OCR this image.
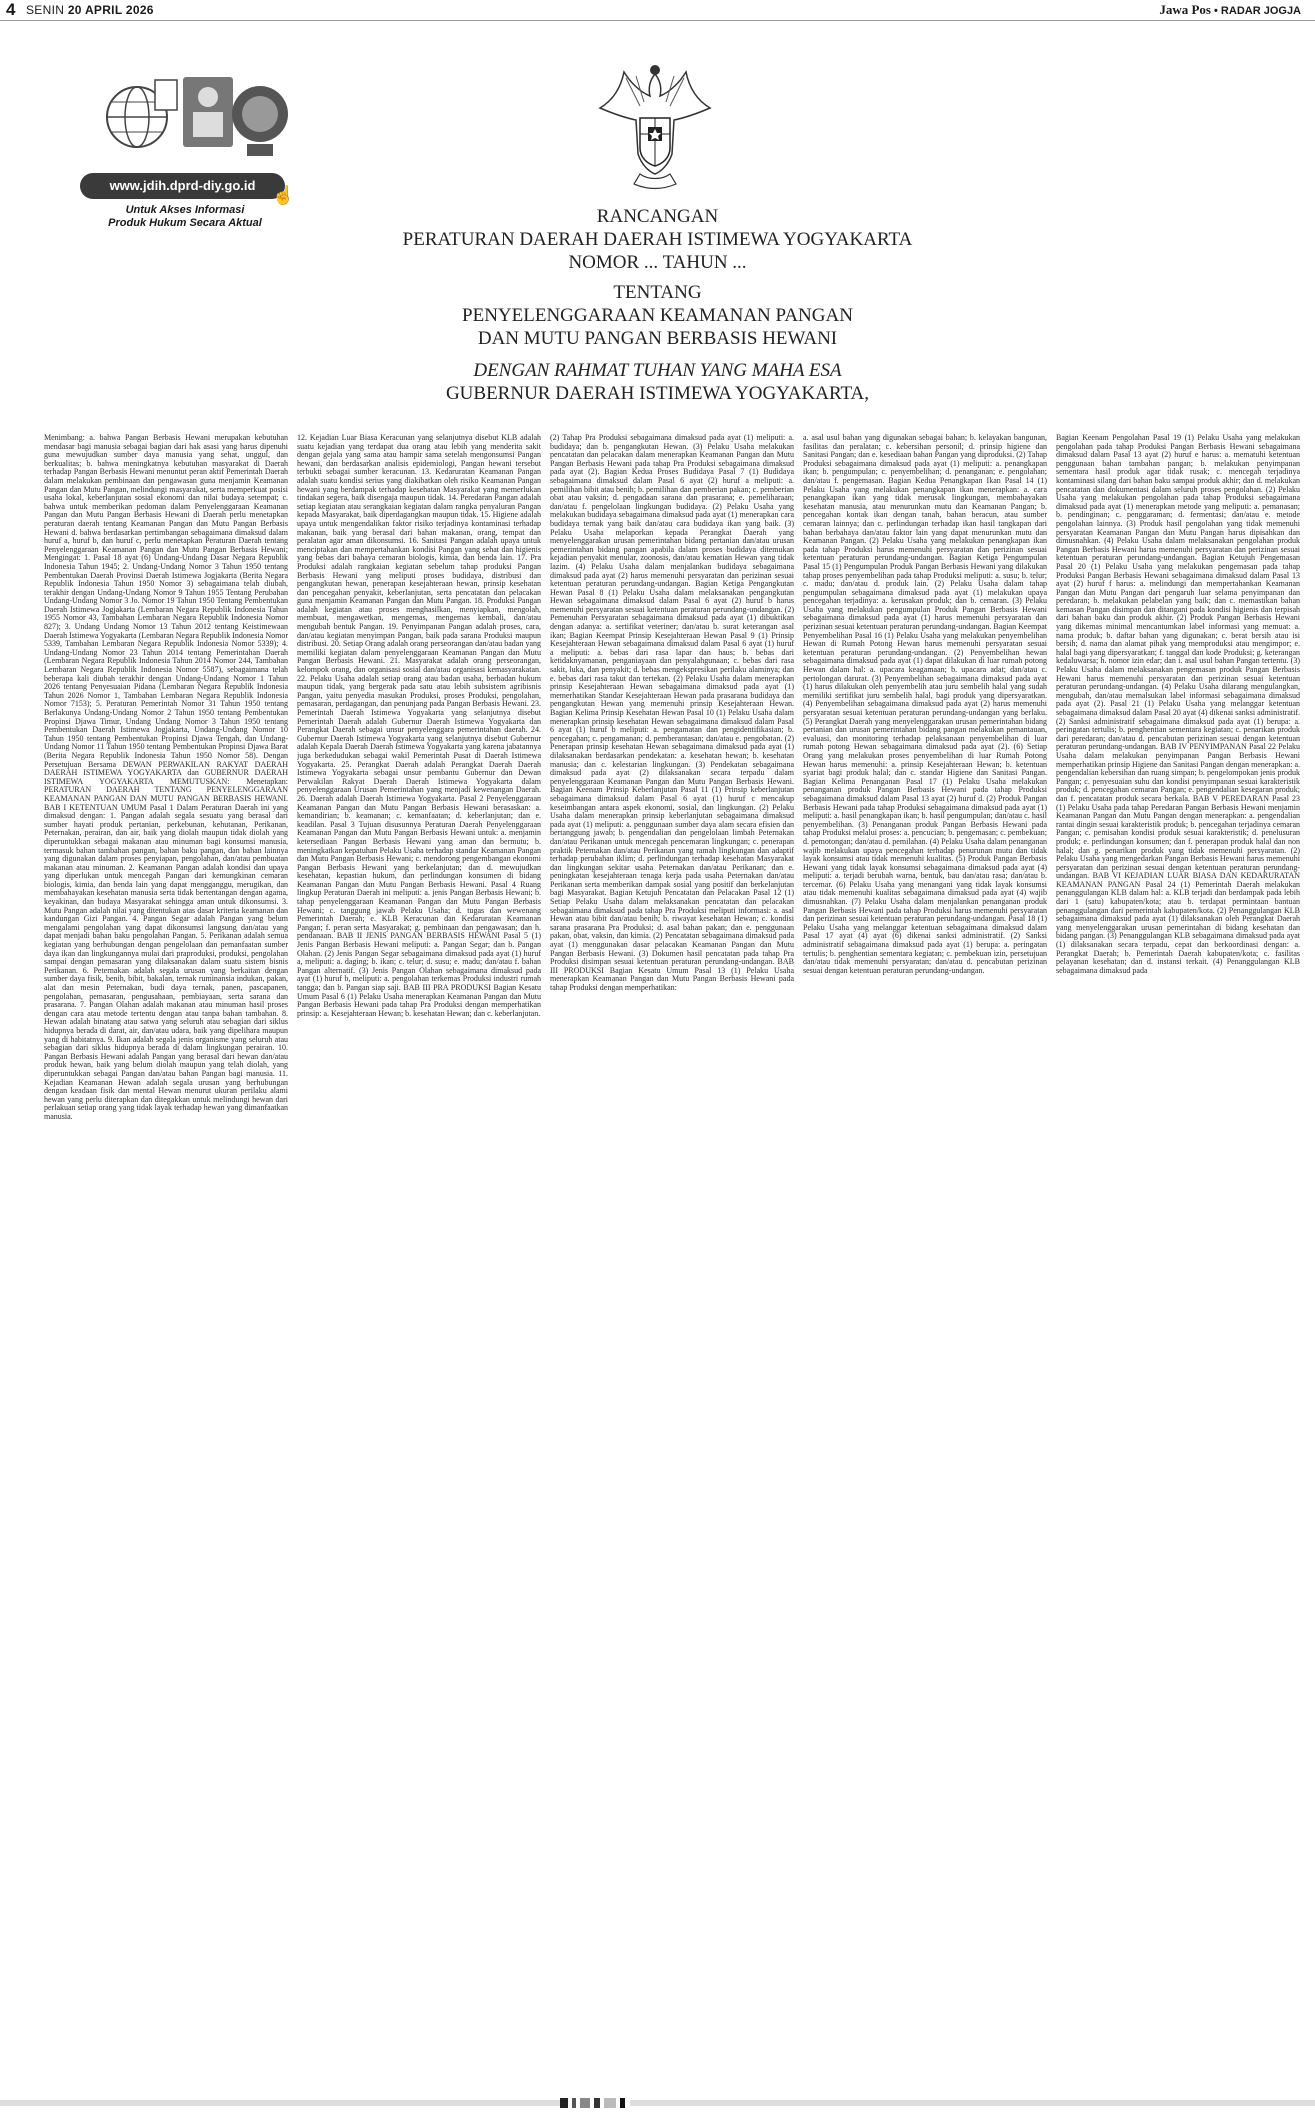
4 SENIN 20 APRIL 2026	Jawa Pos • RADAR JOGJA
www.jdih.dprd-diy.go.id ☝
Untuk Akses Informasi
Produk Hukum Secara Aktual	RANCANGAN
PERATURAN DAERAH DAERAH ISTIMEWA YOGYAKARTA
NOMOR ... TAHUN ...
TENTANG
PENYELENGGARAAN KEAMANAN PANGAN
DAN MUTU PANGAN BERBASIS HEWANI
DENGAN RAHMAT TUHAN YANG MAHA ESA
GUBERNUR DAERAH ISTIMEWA YOGYAKARTA,
Menimbang: a. bahwa Pangan Berbasis Hewani merupakan kebutuhan mendasar bagi manusia sebagai bagian dari hak asasi yang harus dipenuhi guna mewujudkan sumber daya manusia yang sehat, unggul, dan berkualitas; b. bahwa meningkatnya kebutuhan masyarakat di Daerah terhadap Pangan Berbasis Hewani menuntut peran aktif Pemerintah Daerah dalam melakukan pembinaan dan pengawasan guna menjamin Keamanan Pangan dan Mutu Pangan, melindungi masyarakat, serta memperkuat posisi usaha lokal, keberlanjutan sosial ekonomi dan nilai budaya setempat; c. bahwa untuk memberikan pedoman dalam Penyelenggaraan Keamanan Pangan dan Mutu Pangan Berbasis Hewani di Daerah perlu menetapkan peraturan daerah tentang Keamanan Pangan dan Mutu Pangan Berbasis Hewani d. bahwa berdasarkan pertimbangan sebagaimana dimaksud dalam huruf a, huruf b, dan huruf c, perlu menetapkan Peraturan Daerah tentang Penyelenggaraan Keamanan Pangan dan Mutu Pangan Berbasis Hewani; Mengingat: 1. Pasal 18 ayat (6) Undang-Undang Dasar Negara Republik Indonesia Tahun 1945; 2. Undang-Undang Nomor 3 Tahun 1950 tentang Pembentukan Daerah Provinsi Daerah Istimewa Jogjakarta (Berita Negara Republik Indonesia Tahun 1950 Nomor 3) sebagaimana telah diubah, terakhir dengan Undang-Undang Nomor 9 Tahun 1955 Tentang Perubahan Undang-Undang Nomor 3 Jo. Nomor 19 Tahun 1950 Tentang Pembentukan Daerah Istimewa Jogjakarta (Lembaran Negara Republik Indonesia Tahun 1955 Nomor 43, Tambahan Lembaran Negara Republik Indonesia Nomor 827); 3. Undang Undang Nomor 13 Tahun 2012 tentang Keistimewaan Daerah Istimewa Yogyakarta (Lembaran Negara Republik Indonesia Nomor 5339, Tambahan Lembaran Negara Republik Indonesia Nomor 5339); 4. Undang-Undang Nomor 23 Tahun 2014 tentang Pemerintahan Daerah (Lembaran Negara Republik Indonesia Tahun 2014 Nomor 244, Tambahan Lembaran Negara Republik Indonesia Nomor 5587), sebagaimana telah beberapa kali diubah terakhir dengan Undang-Undang Nomor 1 Tahun 2026 tentang Penyesuaian Pidana (Lembaran Negara Republik Indonesia Tahun 2026 Nomor 1, Tambahan Lembaran Negara Republik Indonesia Nomor 7153); 5. Peraturan Pemerintah Nomor 31 Tahun 1950 tentang Berlakunya Undang-Undang Nomor 2 Tahun 1950 tentang Pembentukan Propinsi Djawa Timur, Undang Undang Nomor 3 Tahun 1950 tentang Pembentukan Daerah Istimewa Jogjakarta, Undang-Undang Nomor 10 Tahun 1950 tentang Pembentukan Propinsi Djawa Tengah, dan Undang-Undang Nomor 11 Tahun 1950 tentang Pembentukan Propinsi Djawa Barat (Berita Negara Republik Indonesia Tahun 1950 Nomor 58). Dengan Persetujuan Bersama DEWAN PERWAKILAN RAKYAT DAERAH DAERAH ISTIMEWA YOGYAKARTA dan GUBERNUR DAERAH ISTIMEWA YOGYAKARTA MEMUTUSKAN: Menetapkan: PERATURAN DAERAH TENTANG PENYELENGGARAAN KEAMANAN PANGAN DAN MUTU PANGAN BERBASIS HEWANI. BAB I KETENTUAN UMUM Pasal 1 Dalam Peraturan Daerah ini yang dimaksud dengan: 1. Pangan adalah segala sesuatu yang berasal dari sumber hayati produk pertanian, perkebunan, kehutanan, Perikanan, Peternakan, perairan, dan air, baik yang diolah maupun tidak diolah yang diperuntukkan sebagai makanan atau minuman bagi konsumsi manusia, termasuk bahan tambahan pangan, bahan baku pangan, dan bahan lainnya yang digunakan dalam proses penyiapan, pengolahan, dan/atau pembuatan makanan atau minuman. 2. Keamanan Pangan adalah kondisi dan upaya yang diperlukan untuk mencegah Pangan dari kemungkinan cemaran biologis, kimia, dan benda lain yang dapat mengganggu, merugikan, dan membahayakan kesehatan manusia serta tidak bertentangan dengan agama, keyakinan, dan budaya Masyarakat sehingga aman untuk dikonsumsi. 3. Mutu Pangan adalah nilai yang ditentukan atas dasar kriteria keamanan dan kandungan Gizi Pangan. 4. Pangan Segar adalah Pangan yang belum mengalami pengolahan yang dapat dikonsumsi langsung dan/atau yang dapat menjadi bahan baku pengolahan Pangan. 5. Perikanan adalah semua kegiatan yang berhubungan dengan pengelolaan dan pemanfaatan sumber daya ikan dan lingkungannya mulai dari praproduksi, produksi, pengolahan sampai dengan pemasaran yang dilaksanakan dalam suatu sistem bisnis Perikanan. 6. Peternakan adalah segala urusan yang berkaitan dengan sumber daya fisik, benih, bibit, bakalan, ternak ruminansia indukan, pakan, alat dan mesin Peternakan, budi daya ternak, panen, pascapanen, pengolahan, pemasaran, pengusahaan, pembiayaan, serta sarana dan prasarana. 7. Pangan Olahan adalah makanan atau minuman hasil proses dengan cara atau metode tertentu dengan atau tanpa bahan tambahan. 8. Hewan adalah binatang atau satwa yang seluruh atau sebagian dari siklus hidupnya berada di darat, air, dan/atau udara, baik yang dipelihara maupun yang di habitatnya. 9. Ikan adalah segala jenis organisme yang seluruh atau sebagian dari siklus hidupnya berada di dalam lingkungan perairan. 10. Pangan Berbasis Hewani adalah Pangan yang berasal dari hewan dan/atau produk hewan, baik yang belum diolah maupun yang telah diolah, yang diperuntukkan sebagai Pangan dan/atau bahan Pangan bagi manusia. 11. Kejadian Keamanan Hewan adalah segala urusan yang berhubungan dengan keadaan fisik dan mental Hewan menurut ukuran perilaku alami hewan yang perlu diterapkan dan ditegakkan untuk melindungi hewan dari perlakuan setiap orang yang tidak layak terhadap hewan yang dimanfaatkan manusia.
12. Kejadian Luar Biasa Keracunan yang selanjutnya disebut KLB adalah suatu kejadian yang terdapat dua orang atau lebih yang menderita sakit dengan gejala yang sama atau hampir sama setelah mengonsumsi Pangan hewani, dan berdasarkan analisis epidemiologi, Pangan hewani tersebut terbukti sebagai sumber keracunan. 13. Kedaruratan Keamanan Pangan adalah suatu kondisi serius yang diakibatkan oleh risiko Keamanan Pangan hewani yang berdampak terhadap kesehatan Masyarakat yang memerlukan tindakan segera, baik disengaja maupun tidak. 14. Peredaran Pangan adalah setiap kegiatan atau serangkaian kegiatan dalam rangka penyaluran Pangan kepada Masyarakat, baik diperdagangkan maupun tidak. 15. Higiene adalah upaya untuk mengendalikan faktor risiko terjadinya kontaminasi terhadap makanan, baik yang berasal dari bahan makanan, orang, tempat dan peralatan agar aman dikonsumsi. 16. Sanitasi Pangan adalah upaya untuk menciptakan dan mempertahankan kondisi Pangan yang sehat dan higienis yang bebas dari bahaya cemaran biologis, kimia, dan benda lain. 17. Pra Produksi adalah rangkaian kegiatan sebelum tahap produksi Pangan Berbasis Hewani yang meliputi proses budidaya, distribusi dan pengangkutan hewan, penerapan kesejahteraan hewan, prinsip kesehatan dan pencegahan penyakit, keberlanjutan, serta pencatatan dan pelacakan guna menjamin Keamanan Pangan dan Mutu Pangan. 18. Produksi Pangan adalah kegiatan atau proses menghasilkan, menyiapkan, mengolah, membuat, mengawetkan, mengemas, mengemas kembali, dan/atau mengubah bentuk Pangan. 19. Penyimpanan Pangan adalah proses, cara, dan/atau kegiatan menyimpan Pangan, baik pada sarana Produksi maupun distribusi. 20. Setiap Orang adalah orang perseorangan dan/atau badan yang memiliki kegiatan dalam penyelenggaraan Keamanan Pangan dan Mutu Pangan Berbasis Hewani. 21. Masyarakat adalah orang perseorangan, kelompok orang, dan organisasi sosial dan/atau organisasi kemasyarakatan. 22. Pelaku Usaha adalah setiap orang atau badan usaha, berbadan hukum maupun tidak, yang bergerak pada satu atau lebih subsistem agribisnis Pangan, yaitu penyedia masukan Produksi, proses Produksi, pengolahan, pemasaran, perdagangan, dan penunjang pada Pangan Berbasis Hewani. 23. Pemerintah Daerah Istimewa Yogyakarta yang selanjutnya disebut Pemerintah Daerah adalah Gubernur Daerah Istimewa Yogyakarta dan Perangkat Daerah sebagai unsur penyelenggara pemerintahan daerah. 24. Gubernur Daerah Istimewa Yogyakarta yang selanjutnya disebut Gubernur adalah Kepala Daerah Daerah Istimewa Yogyakarta yang karena jabatannya juga berkedudukan sebagai wakil Pemerintah Pusat di Daerah Istimewa Yogyakarta. 25. Perangkat Daerah adalah Perangkat Daerah Daerah Istimewa Yogyakarta sebagai unsur pembantu Gubernur dan Dewan Perwakilan Rakyat Daerah Daerah Istimewa Yogyakarta dalam penyelenggaraan Urusan Pemerintahan yang menjadi kewenangan Daerah. 26. Daerah adalah Daerah Istimewa Yogyakarta. Pasal 2 Penyelenggaraan Keamanan Pangan dan Mutu Pangan Berbasis Hewani berasaskan: a. kemandirian; b. keamanan; c. kemanfaatan; d. keberlanjutan; dan e. keadilan. Pasal 3 Tujuan disusunnya Peraturan Daerah Penyelenggaraan Keamanan Pangan dan Mutu Pangan Berbasis Hewani untuk: a. menjamin ketersediaan Pangan Berbasis Hewani yang aman dan bermutu; b. meningkatkan kepatuhan Pelaku Usaha terhadap standar Keamanan Pangan dan Mutu Pangan Berbasis Hewani; c. mendorong pengembangan ekonomi Pangan Berbasis Hewani yang berkelanjutan; dan d. mewujudkan kesehatan, kepastian hukum, dan perlindungan konsumen di bidang Keamanan Pangan dan Mutu Pangan Berbasis Hewani. Pasal 4 Ruang lingkup Peraturan Daerah ini meliputi: a. jenis Pangan Berbasis Hewani; b. tahap penyelenggaraan Keamanan Pangan dan Mutu Pangan Berbasis Hewani; c. tanggung jawab Pelaku Usaha; d. tugas dan wewenang Pemerintah Daerah; e. KLB Keracunan dan Kedaruratan Keamanan Pangan; f. peran serta Masyarakat; g. pembinaan dan pengawasan; dan h. pendanaan. BAB II JENIS PANGAN BERBASIS HEWANI Pasal 5 (1) Jenis Pangan Berbasis Hewani meliputi: a. Pangan Segar; dan b. Pangan Olahan. (2) Jenis Pangan Segar sebagaimana dimaksud pada ayat (1) huruf a, meliputi: a. daging; b. ikan; c. telur; d. susu; e. madu; dan/atau f. bahan Pangan alternatif. (3) Jenis Pangan Olahan sebagaimana dimaksud pada ayat (1) huruf b, meliputi: a. pengolahan terkemas Produksi industri rumah tangga; dan b. Pangan siap saji. BAB III PRA PRODUKSI Bagian Kesatu Umum Pasal 6 (1) Pelaku Usaha menerapkan Keamanan Pangan dan Mutu Pangan Berbasis Hewani pada tahap Pra Produksi dengan memperhatikan prinsip: a. Kesejahteraan Hewan; b. kesehatan Hewan; dan c. keberlanjutan.
(2) Tahap Pra Produksi sebagaimana dimaksud pada ayat (1) meliputi: a. budidaya; dan b. pengangkutan Hewan. (3) Pelaku Usaha melakukan pencatatan dan pelacakan dalam menerapkan Keamanan Pangan dan Mutu Pangan Berbasis Hewani pada tahap Pra Produksi sebagaimana dimaksud pada ayat (2). Bagian Kedua Proses Budidaya Pasal 7 (1) Budidaya sebagaimana dimaksud dalam Pasal 6 ayat (2) huruf a meliputi: a. pemilihan bibit atau benih; b. pemilihan dan pemberian pakan; c. pemberian obat atau vaksin; d. pengadaan sarana dan prasarana; e. pemeliharaan; dan/atau f. pengelolaan lingkungan budidaya. (2) Pelaku Usaha yang melakukan budidaya sebagaimana dimaksud pada ayat (1) menerapkan cara budidaya ternak yang baik dan/atau cara budidaya ikan yang baik. (3) Pelaku Usaha melaporkan kepada Perangkat Daerah yang menyelenggarakan urusan pemerintahan bidang pertanian dan/atau urusan pemerintahan bidang pangan apabila dalam proses budidaya ditemukan kejadian penyakit menular, zoonosis, dan/atau kematian Hewan yang tidak lazim. (4) Pelaku Usaha dalam menjalankan budidaya sebagaimana dimaksud pada ayat (2) harus memenuhi persyaratan dan perizinan sesuai ketentuan peraturan perundang-undangan. Bagian Ketiga Pengangkutan Hewan Pasal 8 (1) Pelaku Usaha dalam melaksanakan pengangkutan Hewan sebagaimana dimaksud dalam Pasal 6 ayat (2) huruf b harus memenuhi persyaratan sesuai ketentuan peraturan perundang-undangan. (2) Pemenuhan Persyaratan sebagaimana dimaksud pada ayat (1) dibuktikan dengan adanya: a. sertifikat veteriner; dan/atau b. surat keterangan asal ikan; Bagian Keempat Prinsip Kesejahteraan Hewan Pasal 9 (1) Prinsip Kesejahteraan Hewan sebagaimana dimaksud dalam Pasal 6 ayat (1) huruf a meliputi: a. bebas dari rasa lapar dan haus; b. bebas dari ketidaknyamanan, penganiayaan dan penyalahgunaan; c. bebas dari rasa sakit, luka, dan penyakit; d. bebas mengekspresikan perilaku alaminya; dan e. bebas dari rasa takut dan tertekan. (2) Pelaku Usaha dalam menerapkan prinsip Kesejahteraan Hewan sebagaimana dimaksud pada ayat (1) memerhatikan Standar Kesejahteraan Hewan pada prasarana budidaya dan pengangkutan Hewan yang memenuhi prinsip Kesejahteraan Hewan. Bagian Kelima Prinsip Kesehatan Hewan Pasal 10 (1) Pelaku Usaha dalam menerapkan prinsip kesehatan Hewan sebagaimana dimaksud dalam Pasal 6 ayat (1) huruf b meliputi: a. pengamatan dan pengidentifikasian; b. pencegahan; c. pengamanan; d. pemberantasan; dan/atau e. pengobatan. (2) Penerapan prinsip kesehatan Hewan sebagaimana dimaksud pada ayat (1) dilaksanakan berdasarkan pendekatan: a. kesehatan hewan; b. kesehatan manusia; dan c. kelestarian lingkungan. (3) Pendekatan sebagaimana dimaksud pada ayat (2) dilaksanakan secara terpadu dalam penyelenggaraan Keamanan Pangan dan Mutu Pangan Berbasis Hewani. Bagian Keenam Prinsip Keberlanjutan Pasal 11 (1) Prinsip keberlanjutan sebagaimana dimaksud dalam Pasal 6 ayat (1) huruf c mencakup keseimbangan antara aspek ekonomi, sosial, dan lingkungan. (2) Pelaku Usaha dalam menerapkan prinsip keberlanjutan sebagaimana dimaksud pada ayat (1) meliputi: a. penggunaan sumber daya alam secara efisien dan bertanggung jawab; b. pengendalian dan pengelolaan limbah Peternakan dan/atau Perikanan untuk mencegah pencemaran lingkungan; c. penerapan praktik Peternakan dan/atau Perikanan yang ramah lingkungan dan adaptif terhadap perubahan iklim; d. perlindungan terhadap kesehatan Masyarakat dan lingkungan sekitar usaha Peternakan dan/atau Perikanan; dan e. peningkatan kesejahteraan tenaga kerja pada usaha Peternakan dan/atau Perikanan serta memberikan dampak sosial yang positif dan berkelanjutan bagi Masyarakat. Bagian Ketujuh Pencatatan dan Pelacakan Pasal 12 (1) Setiap Pelaku Usaha dalam melaksanakan pencatatan dan pelacakan sebagaimana dimaksud pada tahap Pra Produksi meliputi informasi: a. asal Hewan atau bibit dan/atau benih; b. riwayat kesehatan Hewan; c. kondisi sarana prasarana Pra Produksi; d. asal bahan pakan; dan e. penggunaan pakan, obat, vaksin, dan kimia. (2) Pencatatan sebagaimana dimaksud pada ayat (1) menggunakan dasar pelacakan Keamanan Pangan dan Mutu Pangan Berbasis Hewani. (3) Dokumen hasil pencatatan pada tahap Pra Produksi disimpan sesuai ketentuan peraturan perundang-undangan. BAB III PRODUKSI Bagian Kesatu Umum Pasal 13 (1) Pelaku Usaha menerapkan Keamanan Pangan dan Mutu Pangan Berbasis Hewani pada tahap Produksi dengan memperhatikan:
a. asal usul bahan yang digunakan sebagai bahan; b. kelayakan bangunan, fasilitas dan peralatan; c. kebersihan personil; d. prinsip higiene dan Sanitasi Pangan; dan e. kesediaan bahan Pangan yang diproduksi. (2) Tahap Produksi sebagaimana dimaksud pada ayat (1) meliputi: a. penangkapan ikan; b. pengumpulan; c. penyembelihan; d. penanganan; e. pengolahan; dan/atau f. pengemasan. Bagian Kedua Penangkapan Ikan Pasal 14 (1) Pelaku Usaha yang melakukan penangkapan ikan menerapkan: a. cara penangkapan ikan yang tidak merusak lingkungan, membahayakan kesehatan manusia, atau menurunkan mutu dan Keamanan Pangan; b. pencegahan kontak ikan dengan tanah, bahan beracun, atau sumber cemaran lainnya; dan c. perlindungan terhadap ikan hasil tangkapan dari bahan berbahaya dan/atau faktor lain yang dapat menurunkan mutu dan Keamanan Pangan. (2) Pelaku Usaha yang melakukan penangkapan ikan pada tahap Produksi harus memenuhi persyaratan dan perizinan sesuai ketentuan peraturan perundang-undangan. Bagian Ketiga Pengumpulan Pasal 15 (1) Pengumpulan Produk Pangan Berbasis Hewani yang dilakukan tahap proses penyembelihan pada tahap Produksi meliputi: a. susu; b. telur; c. madu; dan/atau d. produk lain. (2) Pelaku Usaha dalam tahap pengumpulan sebagaimana dimaksud pada ayat (1) melakukan upaya pencegahan terjadinya: a. kerusakan produk; dan b. cemaran. (3) Pelaku Usaha yang melakukan pengumpulan Produk Pangan Berbasis Hewani sebagaimana dimaksud pada ayat (1) harus memenuhi persyaratan dan perizinan sesuai ketentuan peraturan perundang-undangan. Bagian Keempat Penyembelihan Pasal 16 (1) Pelaku Usaha yang melakukan penyembelihan Hewan di Rumah Potong Hewan harus memenuhi persyaratan sesuai ketentuan peraturan perundang-undangan. (2) Penyembelihan hewan sebagaimana dimaksud pada ayat (1) dapat dilakukan di luar rumah potong Hewan dalam hal: a. upacara keagamaan; b. upacara adat; dan/atau c. pertolongan darurat. (3) Penyembelihan sebagaimana dimaksud pada ayat (1) harus dilakukan oleh penyembelih atau juru sembelih halal yang sudah memiliki sertifikat juru sembelih halal, bagi produk yang dipersyaratkan. (4) Penyembelihan sebagaimana dimaksud pada ayat (2) harus memenuhi persyaratan sesuai ketentuan peraturan perundang-undangan yang berlaku. (5) Perangkat Daerah yang menyelenggarakan urusan pemerintahan bidang pertanian dan urusan pemerintahan bidang pangan melakukan pemantauan, evaluasi, dan monitoring terhadap pelaksanaan penyembelihan di luar rumah potong Hewan sebagaimana dimaksud pada ayat (2). (6) Setiap Orang yang melakukan proses penyembelihan di luar Rumah Potong Hewan harus memenuhi: a. prinsip Kesejahteraan Hewan; b. ketentuan syariat bagi produk halal; dan c. standar Higiene dan Sanitasi Pangan. Bagian Kelima Penanganan Pasal 17 (1) Pelaku Usaha melakukan penanganan produk Pangan Berbasis Hewani pada tahap Produksi sebagaimana dimaksud dalam Pasal 13 ayat (2) huruf d. (2) Produk Pangan Berbasis Hewani pada tahap Produksi sebagaimana dimaksud pada ayat (1) meliputi: a. hasil penangkapan ikan; b. hasil pengumpulan; dan/atau c. hasil penyembelihan. (3) Penanganan produk Pangan Berbasis Hewani pada tahap Produksi melalui proses: a. pencucian; b. pengemasan; c. pembekuan; d. pemotongan; dan/atau d. pemilahan. (4) Pelaku Usaha dalam penanganan wajib melakukan upaya pencegahan terhadap penurunan mutu dan tidak layak konsumsi atau tidak memenuhi kualitas. (5) Produk Pangan Berbasis Hewani yang tidak layak konsumsi sebagaimana dimaksud pada ayat (4) meliputi: a. terjadi berubah warna, bentuk, bau dan/atau rasa; dan/atau b. tercemar. (6) Pelaku Usaha yang menangani yang tidak layak konsumsi atau tidak memenuhi kualitas sebagaimana dimaksud pada ayat (4) wajib dimusnahkan. (7) Pelaku Usaha dalam menjalankan penanganan produk Pangan Berbasis Hewani pada tahap Produksi harus memenuhi persyaratan dan perizinan sesuai ketentuan peraturan perundang-undangan. Pasal 18 (1) Pelaku Usaha yang melanggar ketentuan sebagaimana dimaksud dalam Pasal 17 ayat (4) ayat (6) dikenai sanksi administratif. (2) Sanksi administratif sebagaimana dimaksud pada ayat (1) berupa: a. peringatan tertulis; b. penghentian sementara kegiatan; c. pembekuan izin, persetujuan dan/atau tidak memenuhi persyaratan; dan/atau d. pencabutan perizinan sesuai dengan ketentuan peraturan perundang-undangan.
Bagian Keenam Pengolahan Pasal 19 (1) Pelaku Usaha yang melakukan pengolahan pada tahap Produksi Pangan Berbasis Hewani sebagaimana dimaksud dalam Pasal 13 ayat (2) huruf e harus: a. mematuhi ketentuan penggunaan bahan tambahan pangan; b. melakukan penyimpanan sementara hasil produk agar tidak rusak; c. mencegah terjadinya kontaminasi silang dari bahan baku sampai produk akhir; dan d. melakukan pencatatan dan dokumentasi dalam seluruh proses pengolahan. (2) Pelaku Usaha yang melakukan pengolahan pada tahap Produksi sebagaimana dimaksud pada ayat (1) menerapkan metode yang meliputi: a. pemanasan; b. pendinginan; c. penggaraman; d. fermentasi; dan/atau e. metode pengolahan lainnya. (3) Produk hasil pengolahan yang tidak memenuhi persyaratan Keamanan Pangan dan Mutu Pangan harus dipisahkan dan dimusnahkan. (4) Pelaku Usaha dalam melaksanakan pengolahan produk Pangan Berbasis Hewani harus memenuhi persyaratan dan perizinan sesuai ketentuan peraturan perundang-undangan. Bagian Ketujuh Pengemasan Pasal 20 (1) Pelaku Usaha yang melakukan pengemasan pada tahap Produksi Pangan Berbasis Hewani sebagaimana dimaksud dalam Pasal 13 ayat (2) huruf f harus: a. melindungi dan mempertahankan Keamanan Pangan dan Mutu Pangan dari pengaruh luar selama penyimpanan dan peredaran; b. melakukan pelabelan yang baik; dan c. memastikan bahan kemasan Pangan disimpan dan ditangani pada kondisi higienis dan terpisah dari bahan baku dan produk akhir. (2) Produk Pangan Berbasis Hewani yang dikemas minimal mencantumkan label informasi yang memuat: a. nama produk; b. daftar bahan yang digunakan; c. berat bersih atau isi bersih; d. nama dan alamat pihak yang memproduksi atau mengimpor; e. halal bagi yang dipersyaratkan; f. tanggal dan kode Produksi; g. keterangan kedaluwarsa; h. nomor izin edar; dan i. asal usul bahan Pangan tertentu. (3) Pelaku Usaha dalam melaksanakan pengemasan produk Pangan Berbasis Hewani harus memenuhi persyaratan dan perizinan sesuai ketentuan peraturan perundang-undangan. (4) Pelaku Usaha dilarang mengulangkan, mengubah, dan/atau memalsukan label informasi sebagaimana dimaksud pada ayat (2). Pasal 21 (1) Pelaku Usaha yang melanggar ketentuan sebagaimana dimaksud dalam Pasal 20 ayat (4) dikenai sanksi administratif. (2) Sanksi administratif sebagaimana dimaksud pada ayat (1) berupa: a. peringatan tertulis; b. penghentian sementara kegiatan; c. penarikan produk dari peredaran; dan/atau d. pencabutan perizinan sesuai dengan ketentuan peraturan perundang-undangan. BAB IV PENYIMPANAN Pasal 22 Pelaku Usaha dalam melakukan penyimpanan Pangan Berbasis Hewani memperhatikan prinsip Higiene dan Sanitasi Pangan dengan menerapkan: a. pengendalian kebersihan dan ruang simpan; b. pengelompokan jenis produk Pangan; c. penyesuaian suhu dan kondisi penyimpanan sesuai karakteristik produk; d. pencegahan cemaran Pangan; e. pengendalian kesegaran produk; dan f. pencatatan produk secara berkala. BAB V PEREDARAN Pasal 23 (1) Pelaku Usaha pada tahap Peredaran Pangan Berbasis Hewani menjamin Keamanan Pangan dan Mutu Pangan dengan menerapkan: a. pengendalian rantai dingin sesuai karakteristik produk; b. pencegahan terjadinya cemaran Pangan; c. pemisahan kondisi produk sesuai karakteristik; d. penelusuran produk; e. perlindungan konsumen; dan f. penerapan produk halal dan non halal; dan g. penarikan produk yang tidak memenuhi persyaratan. (2) Pelaku Usaha yang mengedarkan Pangan Berbasis Hewani harus memenuhi persyaratan dan perizinan sesuai dengan ketentuan peraturan perundang-undangan. BAB VI KEJADIAN LUAR BIASA DAN KEDARURATAN KEAMANAN PANGAN Pasal 24 (1) Pemerintah Daerah melakukan penanggulangan KLB dalam hal: a. KLB terjadi dan berdampak pada lebih dari 1 (satu) kabupaten/kota; atau b. terdapat permintaan bantuan penanggulangan dari pemerintah kabupaten/kota. (2) Penanggulangan KLB sebagaimana dimaksud pada ayat (1) dilaksanakan oleh Perangkat Daerah yang menyelenggarakan urusan pemerintahan di bidang kesehatan dan bidang pangan. (3) Penanggulangan KLB sebagaimana dimaksud pada ayat (1) dilaksanakan secara terpadu, cepat dan berkoordinasi dengan: a. Perangkat Daerah; b. Pemerintah Daerah kabupaten/kota; c. fasilitas pelayanan kesehatan; dan d. instansi terkait. (4) Penanggulangan KLB sebagaimana dimaksud pada
